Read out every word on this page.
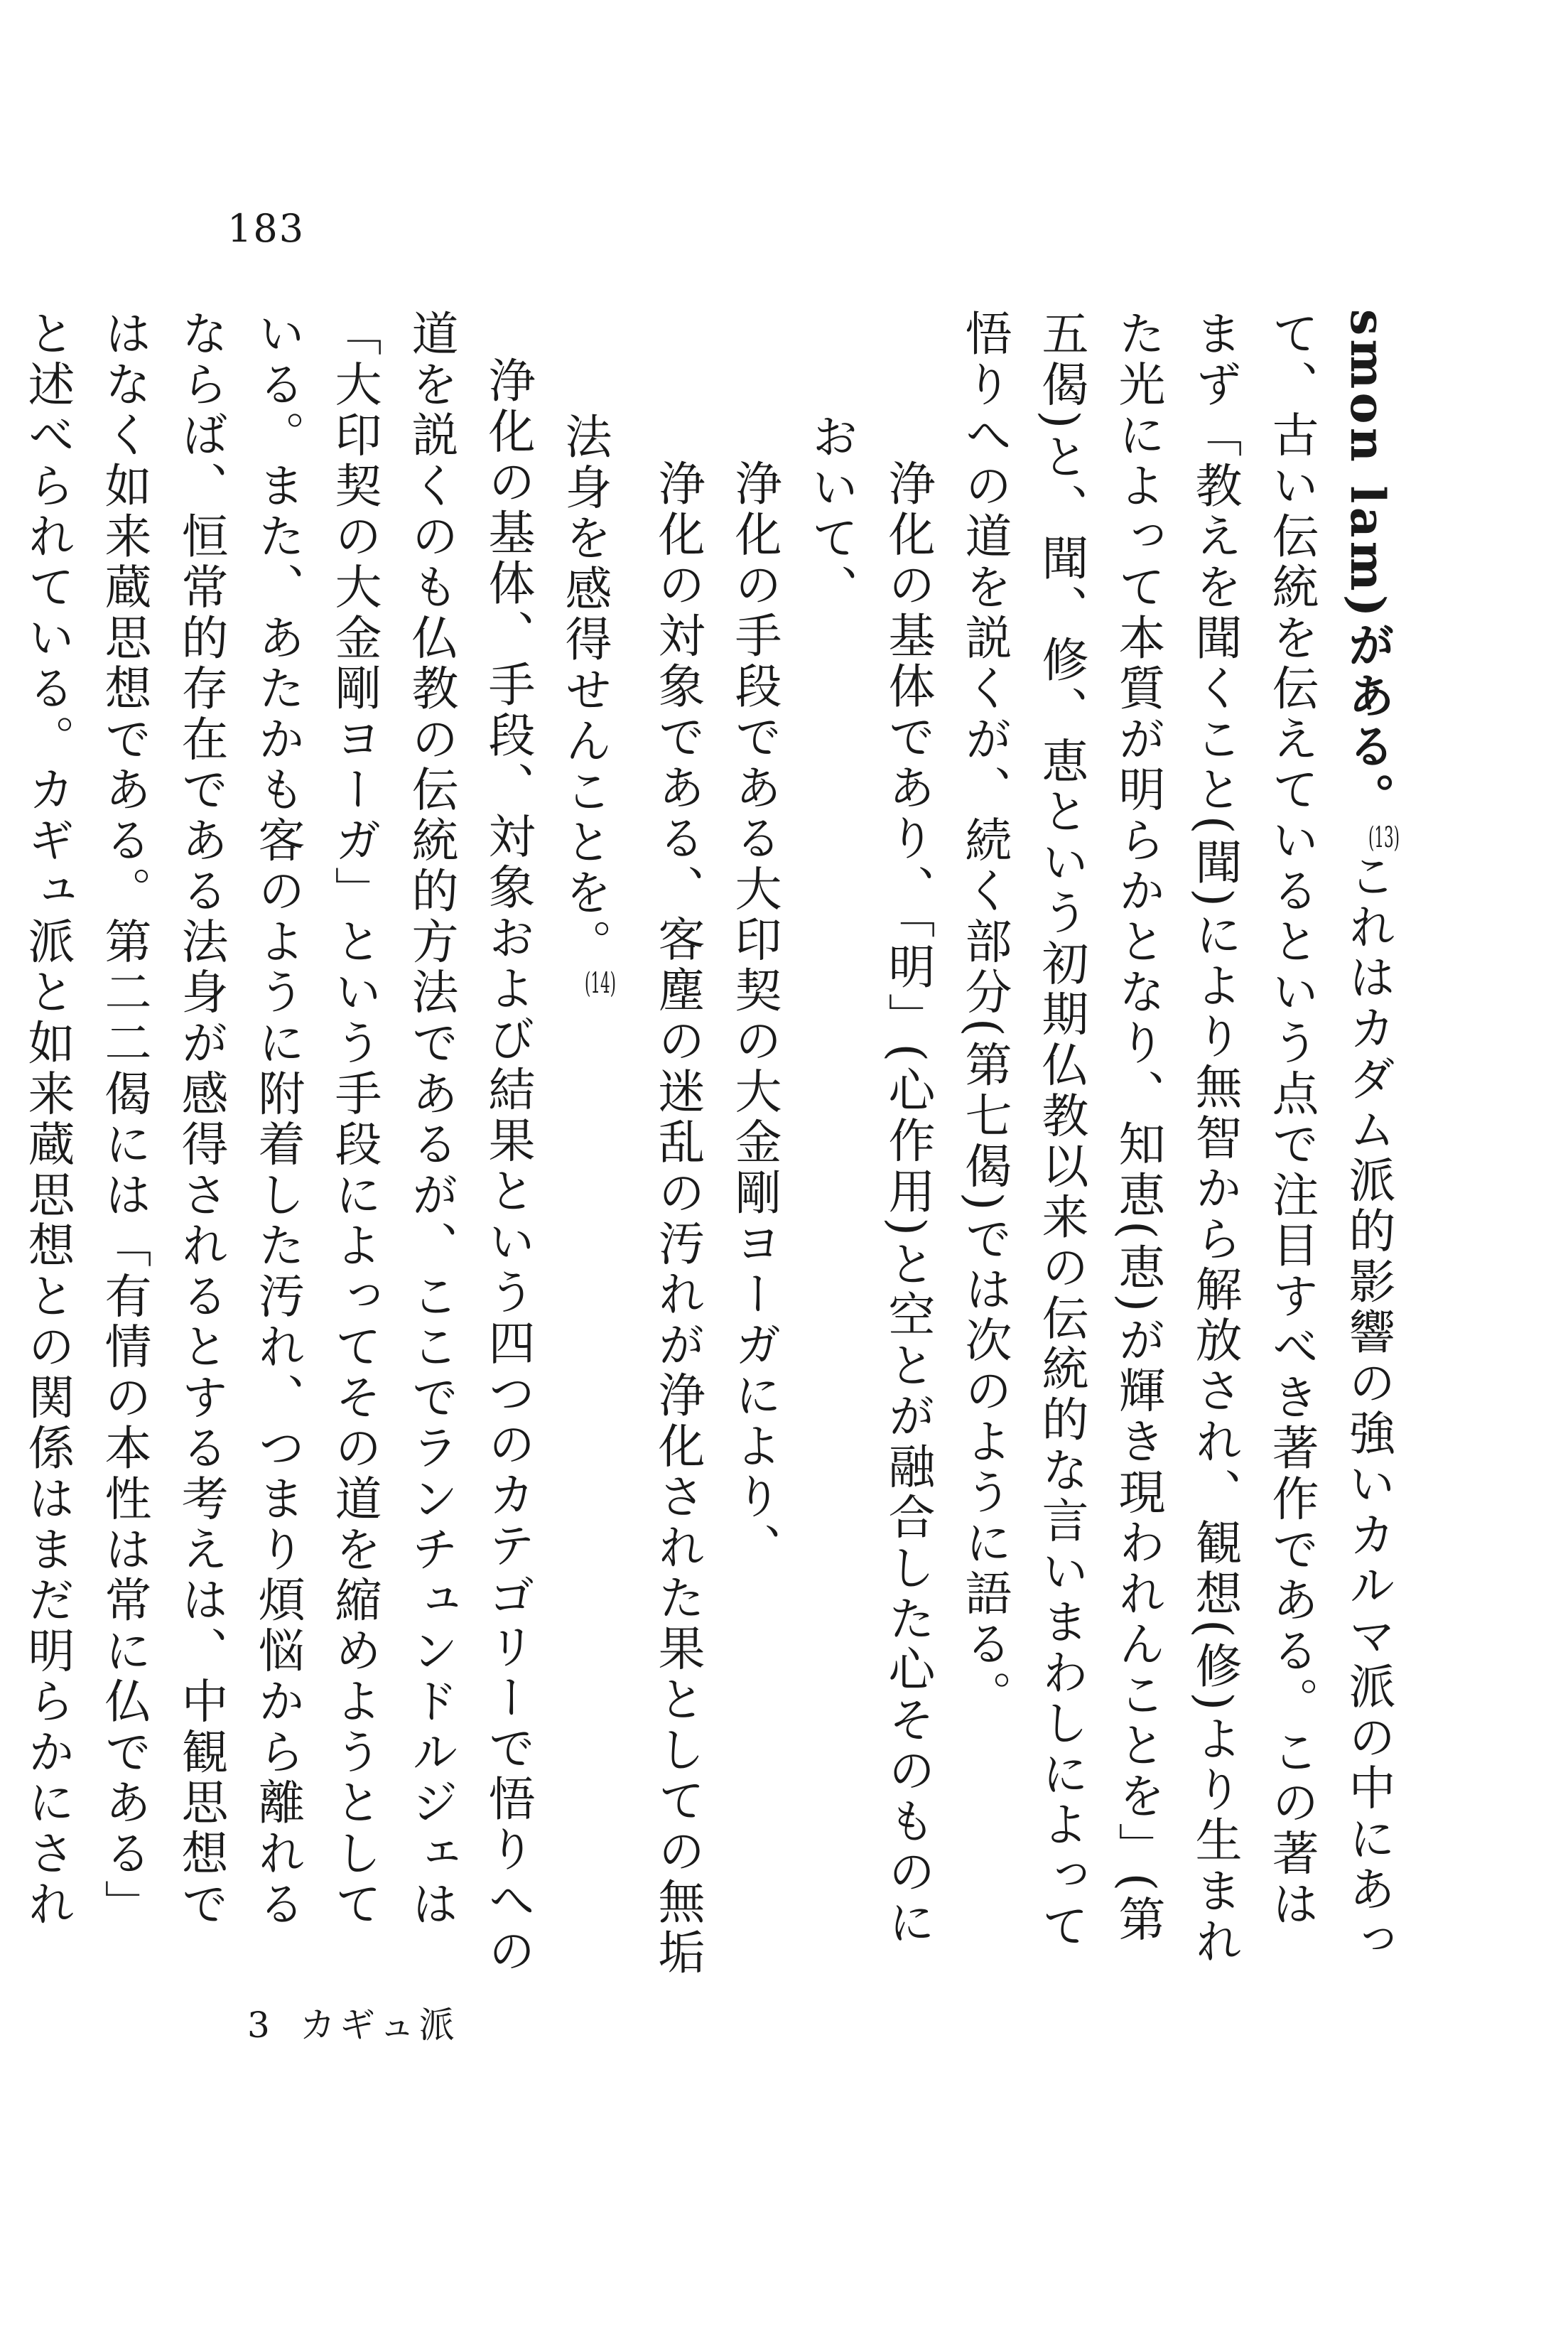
183

smon lam)がある。$^{(13)}$これはカダム派的影響の強いカルマ派の中にあって、古い伝統を伝えているという点で注目すべき著作である。この著はまず「教えを聞くこと(聞)により無智から解放され、観想(修)より生まれた光によって本質が明らかとなり、知恵(恵)が輝き現われんことを」(第五偈)と、聞、修、恵という初期仏教以来の伝統的な言いまわしによって悟りへの道を説くが、続く部分(第七偈)では次のように語る。

浄化の基体であり、「明」(心作用)と空とが融合した心そのものにおいて、

浄化の手段である大印契の大金剛ヨーガにより、

浄化の対象である、客塵の迷乱の汚れが浄化された果としての無垢法身を感得せんことを。$^{(14)}$

浄化の基体、手段、対象および結果という四つのカテゴリーで悟りへの道を説くのも仏教の伝統的方法であるが、ここでランチュンドルジェは「大印契の大金剛ヨーガ」という手段によってその道を縮めようとしている。また、あたかも客のように附着した汚れ、つまり煩悩から離れるならば、恒常的存在である法身が感得されるとする考えは、中観思想ではなく如来蔵思想である。第二二偈には「有情の本性は常に仏である」と述べられている。カギュ派と如来蔵思想との関係はまだ明らかにされ

3 カギュ派
